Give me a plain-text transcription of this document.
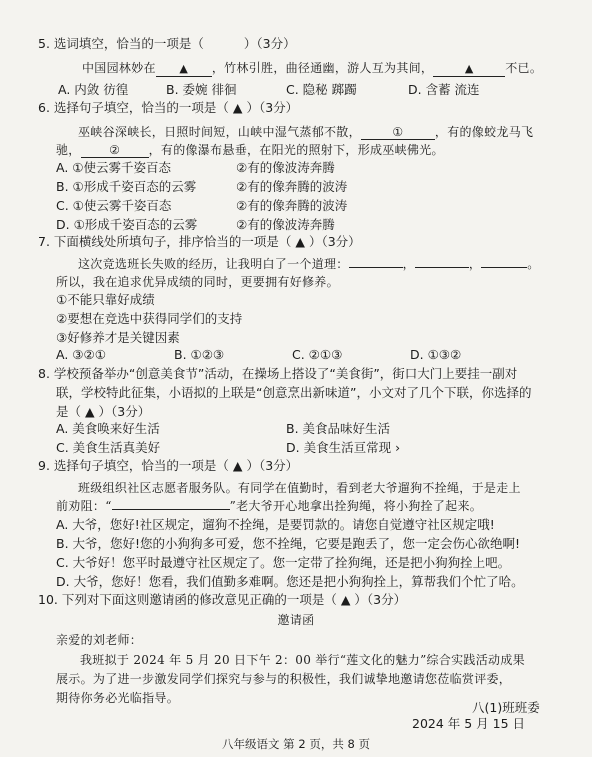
5. 选词填空，恰当的一项是（	）（3分）
中国园林妙在 ▲ ，竹林引胜，曲径通幽，游人互为其间，	▲	不已。
A. 内敛 彷徨	B. 委婉 徘徊	C. 隐秘 踯躅	D. 含蓄 流连
6. 选择句子填空，恰当的一项是（ ▲ ）（3分）
巫峡谷深峡长，日照时间短，山峡中湿气蒸郁不散，	①	，有的像蛟龙马飞
驰， ② ，有的像瀑布悬垂，在阳光的照射下，形成巫峡佛光。
A. ①使云雾千姿百态	②有的像波涛奔腾
B. ①形成千姿百态的云雾	②有的像奔腾的波涛
C. ①使云雾千姿百态	②有的像奔腾的波涛
D. ①形成千姿百态的云雾	②有的像波涛奔腾
7. 下面横线处所填句子，排序恰当的一项是（ ▲ ）（3分）
这次竞选班长失败的经历，让我明白了一个道理：	，	，	。
所以，我在追求优异成绩的同时，更要拥有好修养。
①不能只靠好成绩
②要想在竞选中获得同学们的支持
③好修养才是关键因素
A. ③②①	B. ①②③	C. ②①③	D. ①③②
8. 学校预备举办“创意美食节”活动，在操场上搭设了“美食街”，街口大门上要挂一副对
联，学校特此征集，小语拟的上联是“创意烹出新味道”，小文对了几个下联，你选择的
是（ ▲ ）（3分）
A. 美食唤来好生活	B. 美食品味好生活
C. 美食生活真美好	D. 美食生活亘常现 ›
9. 选择句子填空，恰当的一项是（ ▲ ）（3分）
班级组织社区志愿者服务队。有同学在值勤时，看到老大爷遛狗不拴绳，于是走上
前劝阻：“	”老大爷开心地拿出拴狗绳，将小狗拴了起来。
A. 大爷，您好!社区规定，遛狗不拴绳，是要罚款的。请您自觉遵守社区规定哦!
B. 大爷，您好!您的小狗狗多可爱，您不拴绳，它要是跑丢了，您一定会伤心欲绝啊!
C. 大爷好！您平时最遵守社区规定了。您一定带了拴狗绳，还是把小狗狗拴上吧。
D. 大爷，您好！您看，我们值勤多难啊。您还是把小狗狗拴上，算帮我们个忙了哈。
10. 下列对下面这则邀请函的修改意见正确的一项是（ ▲ ）（3分）
邀请函
亲爱的刘老师：
我班拟于 2024 年 5 月 20 日下午 2：00 举行“莲文化的魅力”综合实践活动成果
展示。为了进一步激发同学们探究与参与的积极性，我们诚挚地邀请您莅临赏评委，
期待你务必光临指导。
八(1)班班委
2024 年 5 月 15 日
八年级语文 第 2 页，共 8 页
